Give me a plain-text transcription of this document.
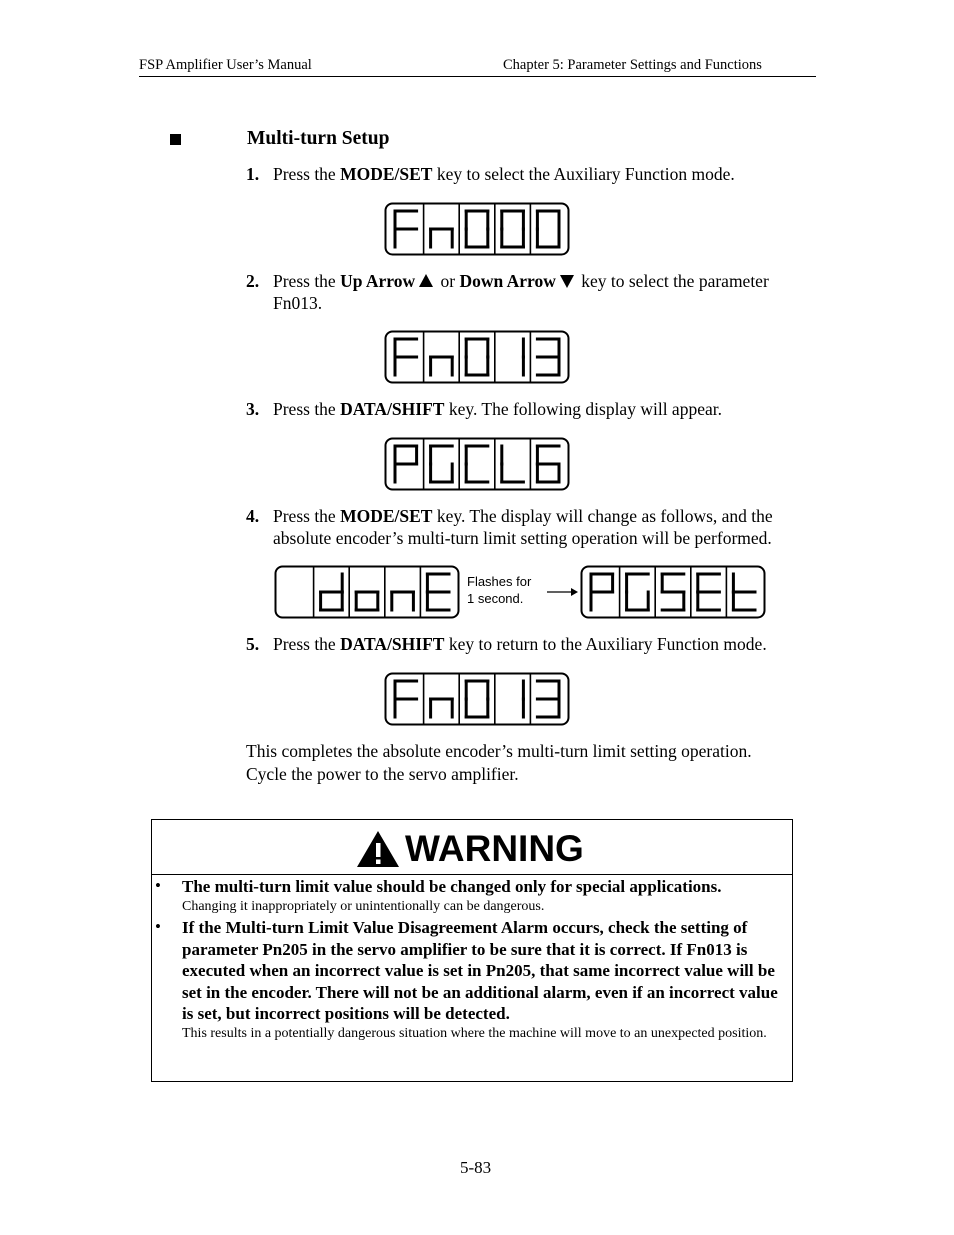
FSP Amplifier User’s Manual	Chapter 5: Parameter Settings and Functions
Multi-turn Setup
1. Press the MODE/SET key to select the Auxiliary Function mode.
2. Press the Up Arrow or Down Arrow key to select the parameter
Fn013.
3. Press the DATA/SHIFT key. The following display will appear.
4. Press the MODE/SET key. The display will change as follows, and the
absolute encoder’s multi-turn limit setting operation will be performed.
Flashes for
1 second.
5. Press the DATA/SHIFT key to return to the Auxiliary Function mode.
This completes the absolute encoder’s multi-turn limit setting operation.
Cycle the power to the servo amplifier.
WARNING
• The multi-turn limit value should be changed only for special applications.
Changing it inappropriately or unintentionally can be dangerous.
• If the Multi-turn Limit Value Disagreement Alarm occurs, check the setting of parameter Pn205 in the servo amplifier to be sure that it is correct. If Fn013 is executed when an incorrect value is set in Pn205, that same incorrect value will be set in the encoder. There will not be an additional alarm, even if an incorrect value is set, but incorrect positions will be detected.
This results in a potentially dangerous situation where the machine will move to an unexpected position.
5-83
